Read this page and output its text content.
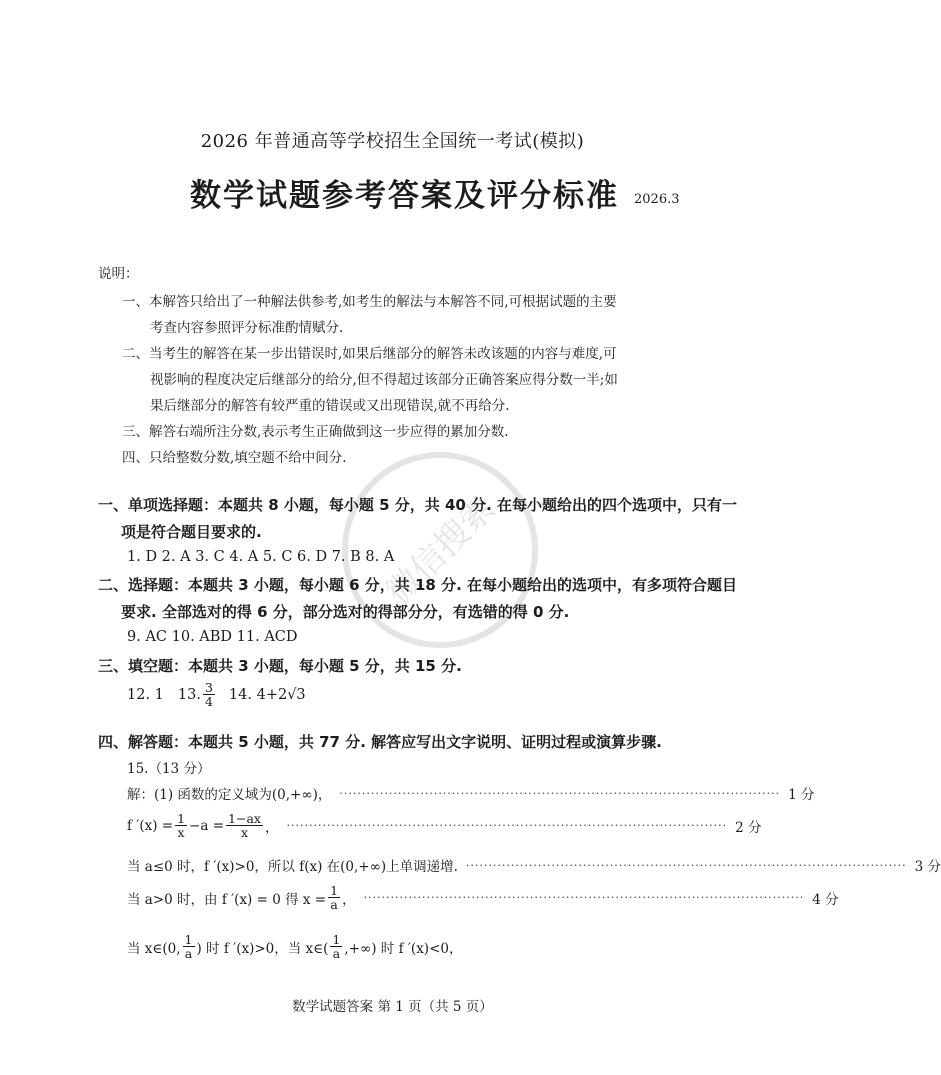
微信搜索
2026 年普通高等学校招生全国统一考试(模拟)
数学试题参考答案及评分标准 2026.3
说明：
一、本解答只给出了一种解法供参考,如考生的解法与本解答不同,可根据试题的主要
考查内容参照评分标准酌情赋分.
二、当考生的解答在某一步出错误时,如果后继部分的解答未改该题的内容与难度,可
视影响的程度决定后继部分的给分,但不得超过该部分正确答案应得分数一半;如
果后继部分的解答有较严重的错误或又出现错误,就不再给分.
三、解答右端所注分数,表示考生正确做到这一步应得的累加分数.
四、只给整数分数,填空题不给中间分.
一、单项选择题：本题共 8 小题，每小题 5 分，共 40 分. 在每小题给出的四个选项中，只有一
项是符合题目要求的.
1. D 2. A 3. C 4. A 5. C 6. D 7. B 8. A
二、选择题：本题共 3 小题，每小题 6 分，共 18 分. 在每小题给出的选项中，有多项符合题目
要求. 全部选对的得 6 分，部分选对的得部分分，有选错的得 0 分.
9. AC 10. ABD 11. ACD
三、填空题：本题共 3 小题，每小题 5 分，共 15 分.
12. 1 13. $\frac{3}{4} 14$. 4+2√3
四、解答题：本题共 5 小题，共 77 分. 解答应写出文字说明、证明过程或演算步骤.
15.（13 分）
解：(1) 函数的定义域为(0,+∞)， ·································································································· 1 分
f $'(x) = \frac{1}{x} -a = \frac{1-ax}{x}$ ， ·································································································· 2 分
当 a≤0 时，f ′(x)>0，所以 f(x) 在(0,+∞)上单调递增. ·································································································· 3 分
当 a>0 时，由 f ′(x) = 0 得 $x = \frac{1}{a}$ ， ·································································································· 4 分
当 x∈(0, $\frac{1}{a}$ ) 时 f ′(x)>0，当 x∈( $\frac{1}{a}$ ,+∞) 时 f ′(x)<0，
数学试题答案 第 1 页（共 5 页）
